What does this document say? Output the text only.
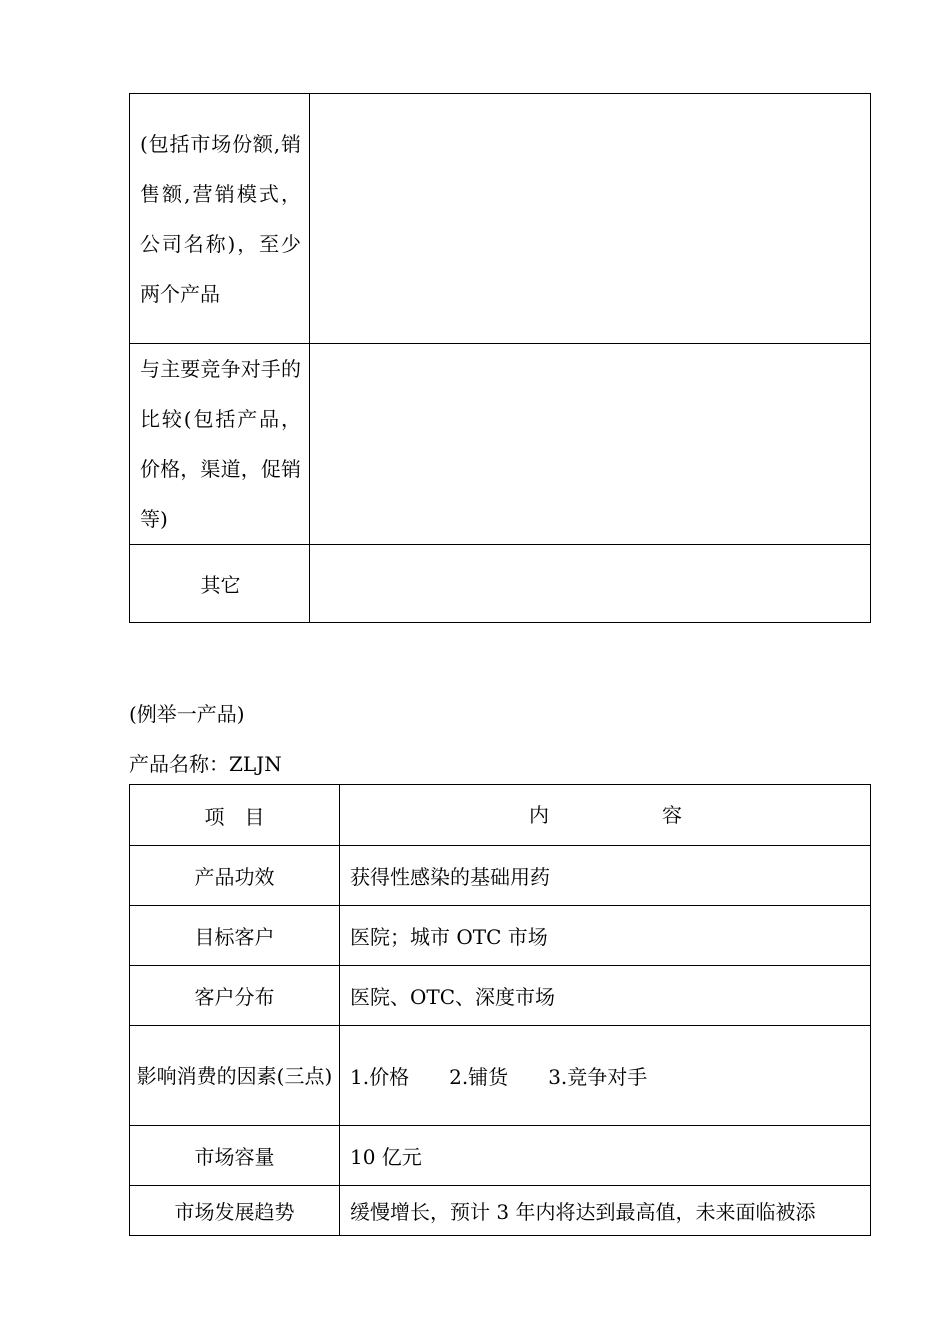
(包括市场份额,销售额,营销模式，公司名称)，至少两个产品	

与主要竞争对手的比较(包括产品，价格，渠道，促销等)	

其它	
(例举一产品)
产品名称：ZLJN
项　目	内 容

产品功效	获得性感染的基础用药
目标客户	医院；城市 OTC 市场
客户分布	医院、OTC、深度市场

影响消费的因素(三点)	1.价格 2.铺货 3.竞争对手
市场容量	10 亿元
市场发展趋势	缓慢增长，预计 3 年内将达到最高值，未来面临被添
